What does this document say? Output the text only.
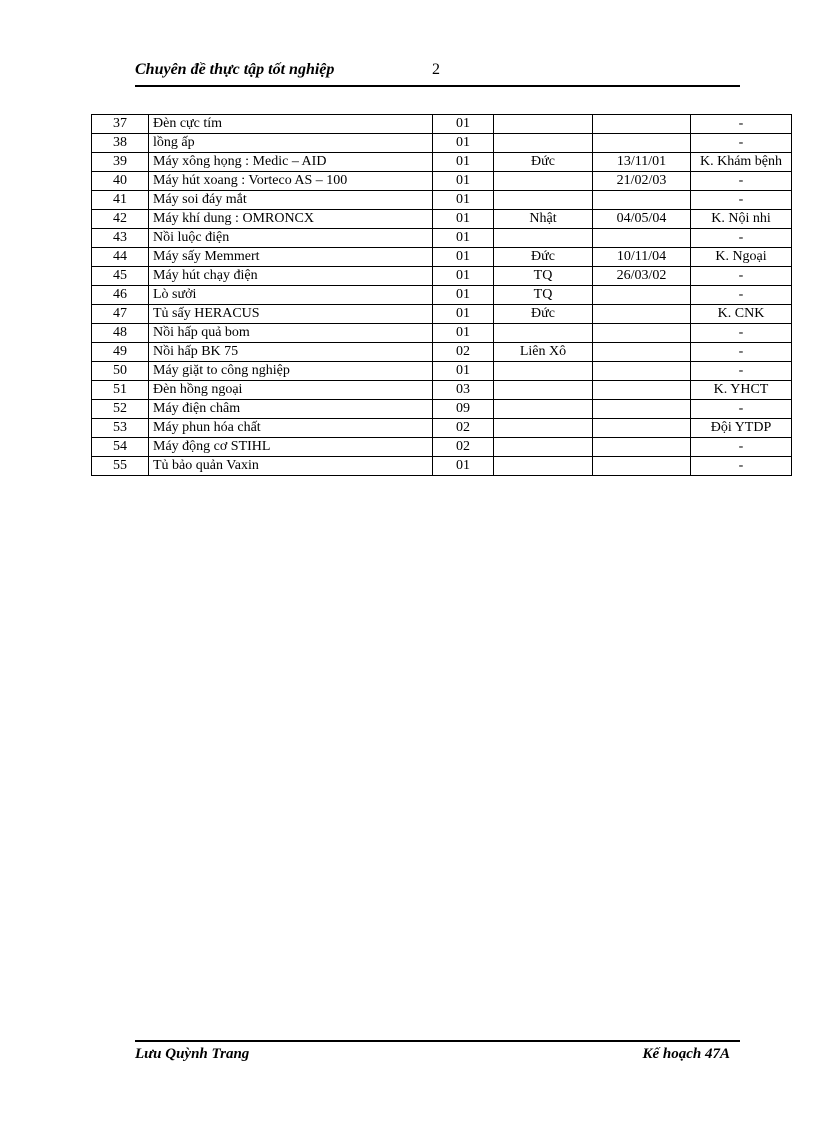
Chuyên đề thực tập tốt nghiệp	2
37	Đèn cực tím	01			-
38	lồng ấp	01			-
39	Máy xông họng : Medic – AID	01	Đức	13/11/01	K. Khám bệnh
40	Máy hút xoang : Vorteco AS – 100	01		21/02/03	-
41	Máy soi đáy mắt	01			-
42	Máy khí dung : OMRONCX	01	Nhật	04/05/04	K. Nội nhi
43	Nồi luộc điện	01			-
44	Máy sấy Memmert	01	Đức	10/11/04	K. Ngoại
45	Máy hút chạy điện	01	TQ	26/03/02	-
46	Lò sưởi	01	TQ		-
47	Tủ sấy HERACUS	01	Đức		K. CNK
48	Nồi hấp quả bom	01			-
49	Nồi hấp BK 75	02	Liên Xô		-
50	Máy giặt to công nghiệp	01			-
51	Đèn hồng ngoại	03			K. YHCT
52	Máy điện châm	09			-
53	Máy phun hóa chất	02			Đội YTDP
54	Máy động cơ STIHL	02			-
55	Tủ bảo quản Vaxin	01			-
Lưu Quỳnh Trang	Kế hoạch 47A
